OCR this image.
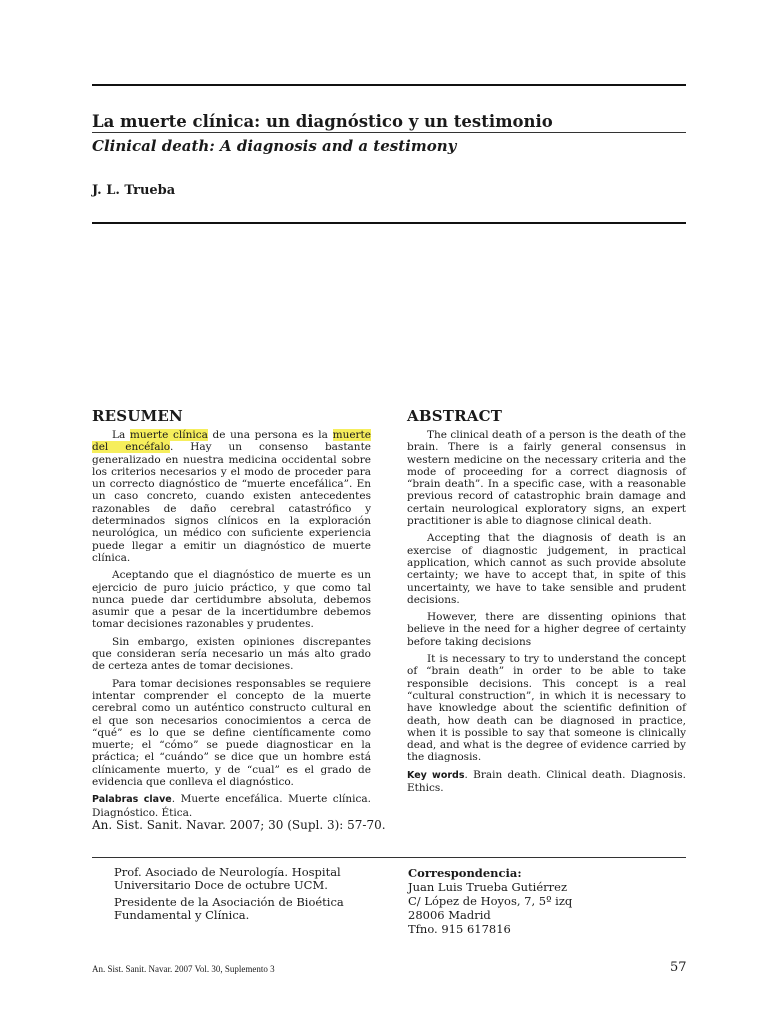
La muerte clínica: un diagnóstico y un testimonio
Clinical death: A diagnosis and a testimony
J. L. Trueba
RESUMEN

La muerte clínica de una persona es la muerte del encéfalo. Hay un consenso bastante generalizado en nuestra medicina occidental sobre los criterios necesarios y el modo de proceder para un correcto diagnóstico de “muerte encefálica”. En un caso concreto, cuando existen antecedentes razonables de daño cerebral catastrófico y determinados signos clínicos en la exploración neurológica, un médico con suficiente experiencia puede llegar a emitir un diagnóstico de muerte clínica.

Aceptando que el diagnóstico de muerte es un ejercicio de puro juicio práctico, y que como tal nunca puede dar certidumbre absoluta, debemos asumir que a pesar de la incertidumbre debemos tomar decisiones razonables y prudentes.

Sin embargo, existen opiniones discrepantes que consideran sería necesario un más alto grado de certeza antes de tomar decisiones.

Para tomar decisiones responsables se requiere intentar comprender el concepto de la muerte cerebral como un auténtico constructo cultural en el que son necesarios conocimientos a cerca de “qué” es lo que se define científicamente como muerte; el “cómo” se puede diagnosticar en la práctica; el “cuándo” se dice que un hombre está clínicamente muerto, y de “cual” es el grado de evidencia que conlleva el diagnóstico.

Palabras clave. Muerte encefálica. Muerte clínica. Diagnóstico. Ética.

ABSTRACT

The clinical death of a person is the death of the brain. There is a fairly general consensus in western medicine on the necessary criteria and the mode of proceeding for a correct diagnosis of “brain death”. In a specific case, with a reasonable previous record of catastrophic brain damage and certain neurological exploratory signs, an expert practitioner is able to diagnose clinical death.

Accepting that the diagnosis of death is an exercise of diagnostic judgement, in practical application, which cannot as such provide absolute certainty; we have to accept that, in spite of this uncertainty, we have to take sensible and prudent decisions.

However, there are dissenting opinions that believe in the need for a higher degree of certainty before taking decisions

It is necessary to try to understand the concept of “brain death” in order to be able to take responsible decisions. This concept is a real “cultural construction”, in which it is necessary to have knowledge about the scientific definition of death, how death can be diagnosed in practice, when it is possible to say that someone is clinically dead, and what is the degree of evidence carried by the diagnosis.

Key words. Brain death. Clinical death. Diagnosis. Ethics.

An. Sist. Sanit. Navar. 2007; 30 (Supl. 3): 57-70.

Prof. Asociado de Neurología. Hospital Universitario Doce de octubre UCM.

Presidente de la Asociación de Bioética Fundamental y Clínica.

Correspondencia:
Juan Luis Trueba Gutiérrez
C/ López de Hoyos, 7, 5º izq
28006 Madrid
Tfno. 915 617816
An. Sist. Sanit. Navar. 2007 Vol. 30, Suplemento 3	57
